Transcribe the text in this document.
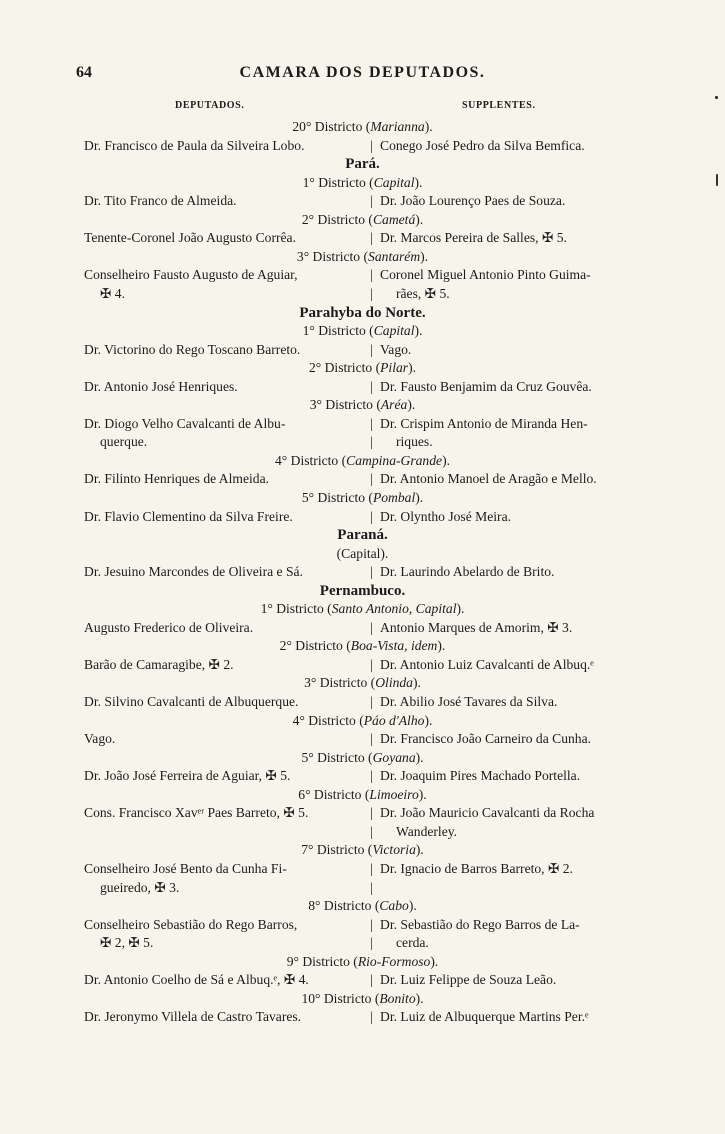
64	CAMARA DOS DEPUTADOS.
DEPUTADOS.	SUPPLENTES.
20° Districto (Marianna).
Dr. Francisco de Paula da Silveira Lobo.	| Conego José Pedro da Silva Bemfica.
Pará.
1° Districto (Capital).
Dr. Tito Franco de Almeida.	| Dr. João Lourenço Paes de Souza.
2° Districto (Cametá).
Tenente-Coronel João Augusto Corrêa.	| Dr. Marcos Pereira de Salles, ✠ 5.
3° Districto (Santarém).
Conselheiro Fausto Augusto de Aguiar,	| Coronel Miguel Antonio Pinto Guima-
✠ 4.	|	rães, ✠ 5.
Parahyba do Norte.
1° Districto (Capital).
Dr. Victorino do Rego Toscano Barreto.	| Vago.
2° Districto (Pilar).
Dr. Antonio José Henriques.	| Dr. Fausto Benjamim da Cruz Gouvêa.
3° Districto (Aréa).
Dr. Diogo Velho Cavalcanti de Albu-	| Dr. Crispim Antonio de Miranda Hen-
querque.	|	riques.
4° Districto (Campina-Grande).
Dr. Filinto Henriques de Almeida.	| Dr. Antonio Manoel de Aragão e Mello.
5° Districto (Pombal).
Dr. Flavio Clementino da Silva Freire.	| Dr. Olyntho José Meira.
Paraná.
(Capital).
Dr. Jesuino Marcondes de Oliveira e Sá.	| Dr. Laurindo Abelardo de Brito.
Pernambuco.
1° Districto (Santo Antonio, Capital).
Augusto Frederico de Oliveira.	| Antonio Marques de Amorim, ✠ 3.
2° Districto (Boa-Vista, idem).
Barão de Camaragibe, ✠ 2.	| Dr. Antonio Luiz Cavalcanti de Albuq.ᵉ
3° Districto (Olinda).
Dr. Silvino Cavalcanti de Albuquerque.	| Dr. Abilio José Tavares da Silva.
4° Districto (Páo d'Alho).
Vago.	| Dr. Francisco João Carneiro da Cunha.
5° Districto (Goyana).
Dr. João José Ferreira de Aguiar, ✠ 5.	| Dr. Joaquim Pires Machado Portella.
6° Districto (Limoeiro).
Cons. Francisco Xavᵉʳ Paes Barreto, ✠ 5.	| Dr. João Mauricio Cavalcanti da Rocha
|	Wanderley.
7° Districto (Victoria).
Conselheiro José Bento da Cunha Fi-	| Dr. Ignacio de Barros Barreto, ✠ 2.
gueiredo, ✠ 3.	|
8° Districto (Cabo).
Conselheiro Sebastião do Rego Barros,	| Dr. Sebastião do Rego Barros de La-
✠ 2, ✠ 5.	|	cerda.
9° Districto (Rio-Formoso).
Dr. Antonio Coelho de Sá e Albuq.ᵉ, ✠ 4.	| Dr. Luiz Felippe de Souza Leão.
10° Districto (Bonito).
Dr. Jeronymo Villela de Castro Tavares.	| Dr. Luiz de Albuquerque Martins Per.ᵉ
